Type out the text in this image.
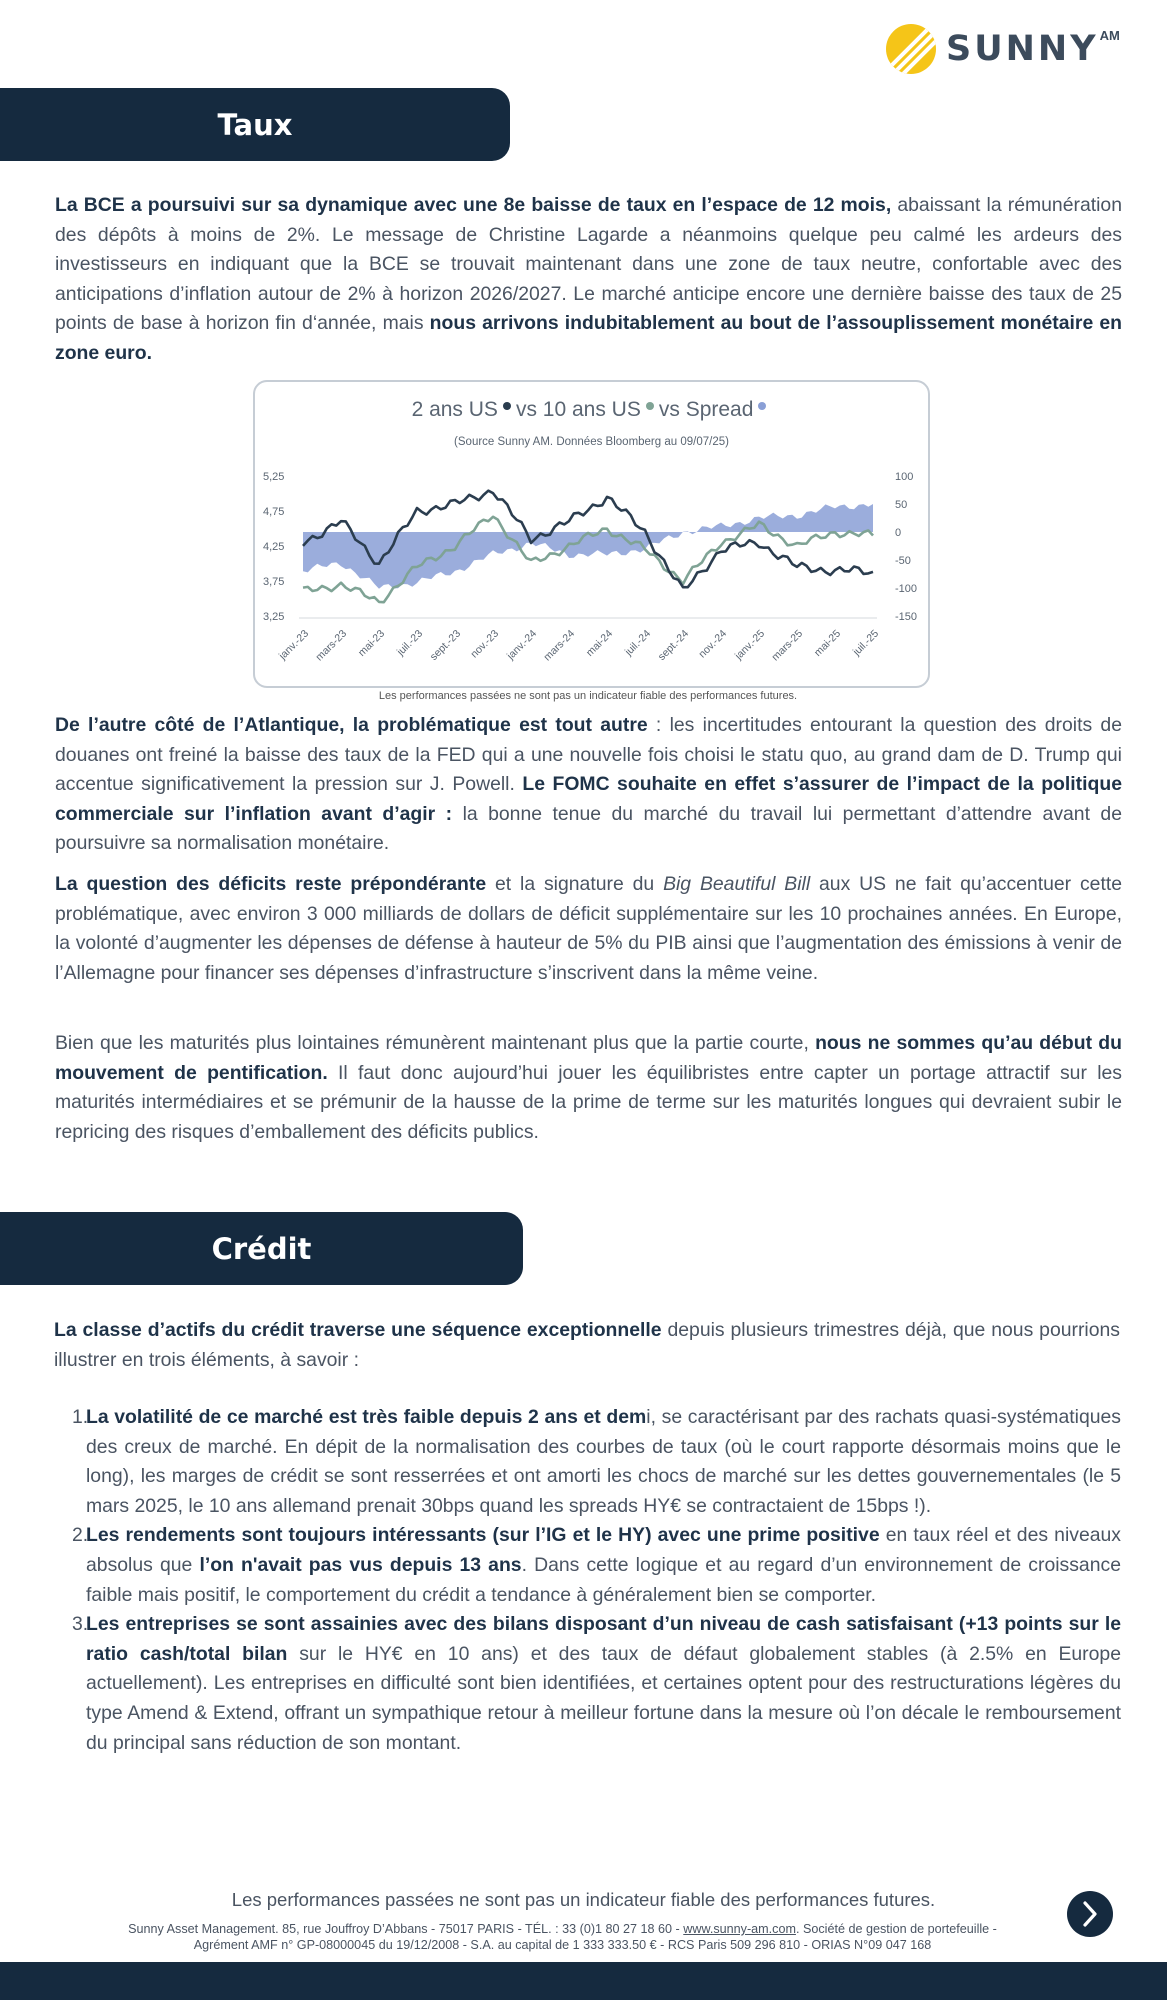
$SUNNY^{AM}$
Taux

La BCE a poursuivi sur sa dynamique avec une 8e baisse de taux en l’espace de 12 mois, abaissant la rémunération des dépôts à moins de 2%. Le message de Christine Lagarde a néanmoins quelque peu calmé les ardeurs des investisseurs en indiquant que la BCE se trouvait maintenant dans une zone de taux neutre, confortable avec des anticipations d’inflation autour de 2% à horizon 2026/2027. Le marché anticipe encore une dernière baisse des taux de 25 points de base à horizon fin d‘année, mais nous arrivons indubitablement au bout de l’assouplissement monétaire en zone euro.

2 ans US vs 10 ans US vs Spread
(Source Sunny AM. Données Bloomberg au 09/07/25)
5,25
4,75
4,25
3,75
3,25
100
50
0
-50
-100
-150
janv.-23 mars-23 mai-23 juil.-23 sept.-23 nov.-23 janv.-24 mars-24 mai-24 juil.-24 sept.-24 nov.-24 janv.-25 mars-25 mai-25 juil.-25
Les performances passées ne sont pas un indicateur fiable des performances futures.

De l’autre côté de l’Atlantique, la problématique est tout autre : les incertitudes entourant la question des droits de douanes ont freiné la baisse des taux de la FED qui a une nouvelle fois choisi le statu quo, au grand dam de D. Trump qui accentue significativement la pression sur J. Powell. Le FOMC souhaite en effet s’assurer de l’impact de la politique commerciale sur l’inflation avant d’agir : la bonne tenue du marché du travail lui permettant d’attendre avant de poursuivre sa normalisation monétaire.

La question des déficits reste prépondérante et la signature du Big Beautiful Bill aux US ne fait qu’accentuer cette problématique, avec environ 3 000 milliards de dollars de déficit supplémentaire sur les 10 prochaines années. En Europe, la volonté d’augmenter les dépenses de défense à hauteur de 5% du PIB ainsi que l’augmentation des émissions à venir de l’Allemagne pour financer ses dépenses d’infrastructure s’inscrivent dans la même veine.

Bien que les maturités plus lointaines rémunèrent maintenant plus que la partie courte, nous ne sommes qu’au début du mouvement de pentification. Il faut donc aujourd’hui jouer les équilibristes entre capter un portage attractif sur les maturités intermédiaires et se prémunir de la hausse de la prime de terme sur les maturités longues qui devraient subir le repricing des risques d’emballement des déficits publics.

Crédit

La classe d’actifs du crédit traverse une séquence exceptionnelle depuis plusieurs trimestres déjà, que nous pourrions illustrer en trois éléments, à savoir :

1.
La volatilité de ce marché est très faible depuis 2 ans et demi, se caractérisant par des rachats quasi-systématiques des creux de marché. En dépit de la normalisation des courbes de taux (où le court rapporte désormais moins que le long), les marges de crédit se sont resserrées et ont amorti les chocs de marché sur les dettes gouvernementales (le 5 mars 2025, le 10 ans allemand prenait 30bps quand les spreads HY€ se contractaient de 15bps !).
2.
Les rendements sont toujours intéressants (sur l’IG et le HY) avec une prime positive en taux réel et des niveaux absolus que l’on n'avait pas vus depuis 13 ans. Dans cette logique et au regard d’un environnement de croissance faible mais positif, le comportement du crédit a tendance à généralement bien se comporter.
3.
Les entreprises se sont assainies avec des bilans disposant d’un niveau de cash satisfaisant (+13 points sur le ratio cash/total bilan sur le HY€ en 10 ans) et des taux de défaut globalement stables (à 2.5% en Europe actuellement). Les entreprises en difficulté sont bien identifiées, et certaines optent pour des restructurations légères du type Amend & Extend, offrant un sympathique retour à meilleur fortune dans la mesure où l’on décale le remboursement du principal sans réduction de son montant.
Les performances passées ne sont pas un indicateur fiable des performances futures.
Sunny Asset Management. 85, rue Jouffroy D’Abbans - 75017 PARIS - TÉL. : 33 (0)1 80 27 18 60 - www.sunny-am.com. Société de gestion de portefeuille -
Agrément AMF n° GP-08000045 du 19/12/2008 - S.A. au capital de 1 333 333.50 € - RCS Paris 509 296 810 - ORIAS N°09 047 168
